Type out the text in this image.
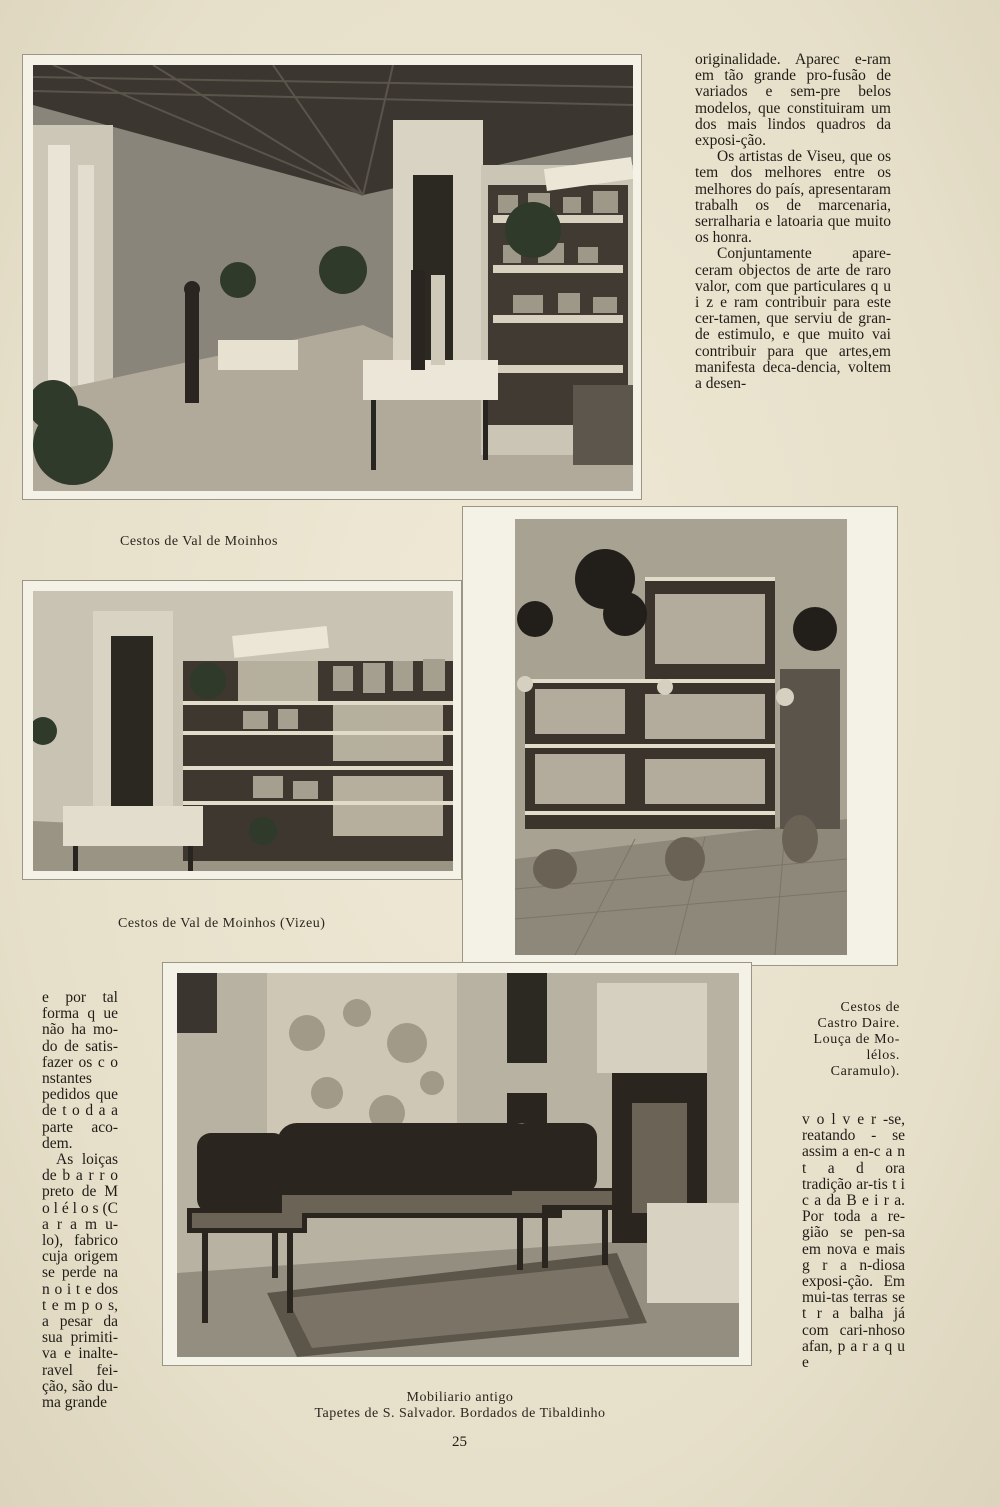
originalidade. Aparec e-ram em tão grande pro-fusão de variados e sem-pre belos modelos, que constituiram um dos mais lindos quadros da exposi-ção.

Os artistas de Viseu, que os tem dos melhores entre os melhores do país, apresentaram trabalh os de marcenaria, serralharia e latoaria que muito os honra.

Conjuntamente apare-ceram objectos de arte de raro valor, com que particulares q u i z e ram contribuir para este cer-tamen, que serviu de gran-de estimulo, e que muito vai contribuir para que artes,em manifesta deca-dencia, voltem a desen-

Cestos de Val de Moinhos
Cestos de Val de Moinhos (Vizeu)
Cestos de
Castro Daire.
Louça de Mo-
lélos.
Caramulo).

e por tal forma q ue não ha mo-do de satis-fazer os c o nstantes pedidos que de t o d a a parte aco-dem.

As loiças de b a r r o preto de M o l é l o s (C a r a m u-lo), fabrico cuja origem se perde na n o i t e dos t e m p o s, a pesar da sua primiti-va e inalte-ravel fei-ção, são du-ma grande

v o l v e r -se, reatando - se assim a en-c a n t a d ora tradição ar-tis t i c a da B e i r a. Por toda a re-gião se pen-sa em nova e mais g r a n-diosa exposi-ção. Em mui-tas terras se t r a balha já com cari-nhoso afan, p a r a q u e

Mobiliario antigo
Tapetes de S. Salvador. Bordados de Tibaldinho
25
